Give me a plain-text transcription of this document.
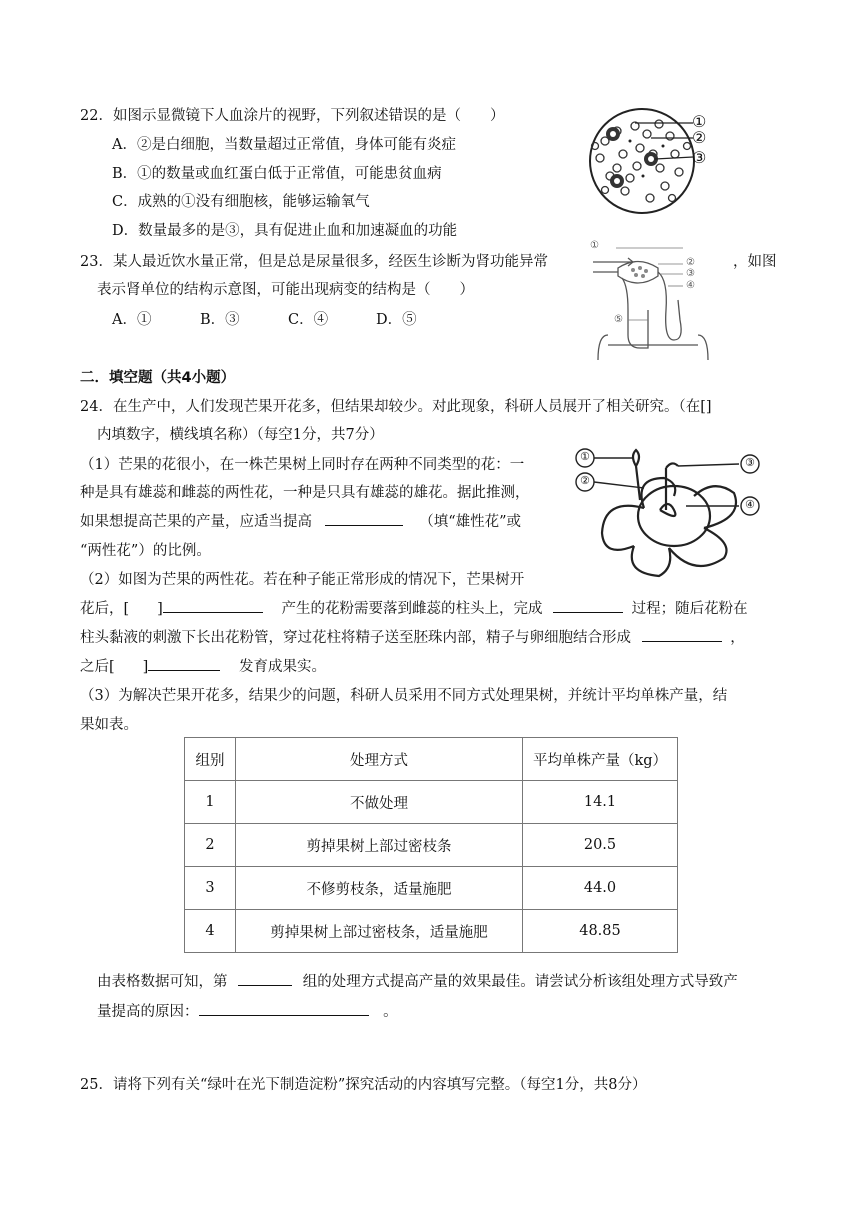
22．如图示显微镜下人血涂片的视野，下列叙述错误的是（　　）
A．②是白细胞，当数量超过正常值，身体可能有炎症
B．①的数量或血红蛋白低于正常值，可能患贫血病
C．成熟的①没有细胞核，能够运输氧气
D．数量最多的是③，具有促进止血和加速凝血的功能
①
②
③
23．某人最近饮水量正常，但是总是尿量很多，经医生诊断为肾功能异常	，如图
表示肾单位的结构示意图，可能出现病变的结构是（　　）
A．①	B．③	C．④	D．⑤
①
②
③
④
⑤
二．填空题（共4小题）
24．在生产中，人们发现芒果开花多，但结果却较少。对此现象，科研人员展开了相关研究。（在[]
内填数字，横线填名称）（每空1分，共7分）
（1）芒果的花很小，在一株芒果树上同时存在两种不同类型的花：一
种是具有雄蕊和雌蕊的两性花，一种是只具有雄蕊的雄花。据此推测，
如果想提高芒果的产量，应适当提高	（填“雄性花”或
“两性花”）的比例。
①
②
③
④
（2）如图为芒果的两性花。若在种子能正常形成的情况下，芒果树开
花后，[ ]	产生的花粉需要落到雌蕊的柱头上，完成	过程；随后花粉在
柱头黏液的刺激下长出花粉管，穿过花柱将精子送至胚珠内部，精子与卵细胞结合形成	，
之后[ ]	发育成果实。
（3）为解决芒果开花多，结果少的问题，科研人员采用不同方式处理果树，并统计平均单株产量，结
果如表。
组别	处理方式	平均单株产量（kg）
1	不做处理	14.1
2	剪掉果树上部过密枝条	20.5
3	不修剪枝条，适量施肥	44.0
4	剪掉果树上部过密枝条，适量施肥	48.85
由表格数据可知，第	组的处理方式提高产量的效果最佳。请尝试分析该组处理方式导致产
量提高的原因：	。
25．请将下列有关“绿叶在光下制造淀粉”探究活动的内容填写完整。（每空1分，共8分）
